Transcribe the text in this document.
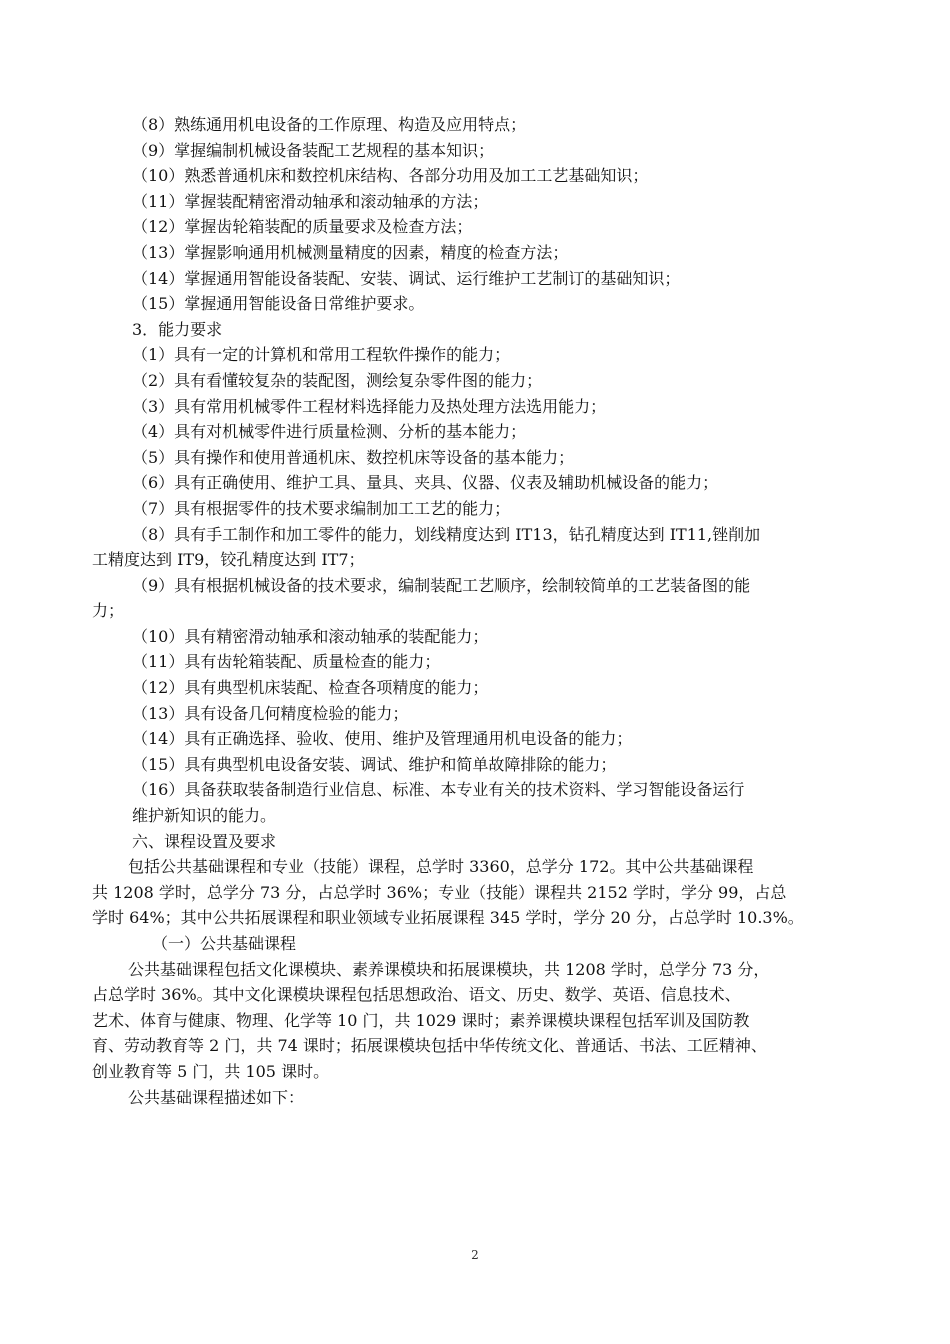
（8）熟练通用机电设备的工作原理、构造及应用特点；
（9）掌握编制机械设备装配工艺规程的基本知识；
（10）熟悉普通机床和数控机床结构、各部分功用及加工工艺基础知识；
（11）掌握装配精密滑动轴承和滚动轴承的方法；
（12）掌握齿轮箱装配的质量要求及检查方法；
（13）掌握影响通用机械测量精度的因素，精度的检查方法；
（14）掌握通用智能设备装配、安装、调试、运行维护工艺制订的基础知识；
（15）掌握通用智能设备日常维护要求。
3．能力要求
（1）具有一定的计算机和常用工程软件操作的能力；
（2）具有看懂较复杂的装配图，测绘复杂零件图的能力；
（3）具有常用机械零件工程材料选择能力及热处理方法选用能力；
（4）具有对机械零件进行质量检测、分析的基本能力；
（5）具有操作和使用普通机床、数控机床等设备的基本能力；
（6）具有正确使用、维护工具、量具、夹具、仪器、仪表及辅助机械设备的能力；
（7）具有根据零件的技术要求编制加工工艺的能力；
（8）具有手工制作和加工零件的能力，划线精度达到 IT13，钻孔精度达到 IT11,锉削加
工精度达到 IT9，铰孔精度达到 IT7；
（9）具有根据机械设备的技术要求，编制装配工艺顺序，绘制较简单的工艺装备图的能
力；
（10）具有精密滑动轴承和滚动轴承的装配能力；
（11）具有齿轮箱装配、质量检查的能力；
（12）具有典型机床装配、检查各项精度的能力；
（13）具有设备几何精度检验的能力；
（14）具有正确选择、验收、使用、维护及管理通用机电设备的能力；
（15）具有典型机电设备安装、调试、维护和简单故障排除的能力；
（16）具备获取装备制造行业信息、标准、本专业有关的技术资料、学习智能设备运行
维护新知识的能力。
六、课程设置及要求
包括公共基础课程和专业（技能）课程，总学时 3360，总学分 172。其中公共基础课程
共 1208 学时，总学分 73 分，占总学时 36%；专业（技能）课程共 2152 学时，学分 99，占总
学时 64%；其中公共拓展课程和职业领域专业拓展课程 345 学时，学分 20 分，占总学时 10.3%。
（一）公共基础课程
公共基础课程包括文化课模块、素养课模块和拓展课模块，共 1208 学时，总学分 73 分，
占总学时 36%。其中文化课模块课程包括思想政治、语文、历史、数学、英语、信息技术、
艺术、体育与健康、物理、化学等 10 门，共 1029 课时；素养课模块课程包括军训及国防教
育、劳动教育等 2 门，共 74 课时；拓展课模块包括中华传统文化、普通话、书法、工匠精神、
创业教育等 5 门，共 105 课时。
公共基础课程描述如下：
2
